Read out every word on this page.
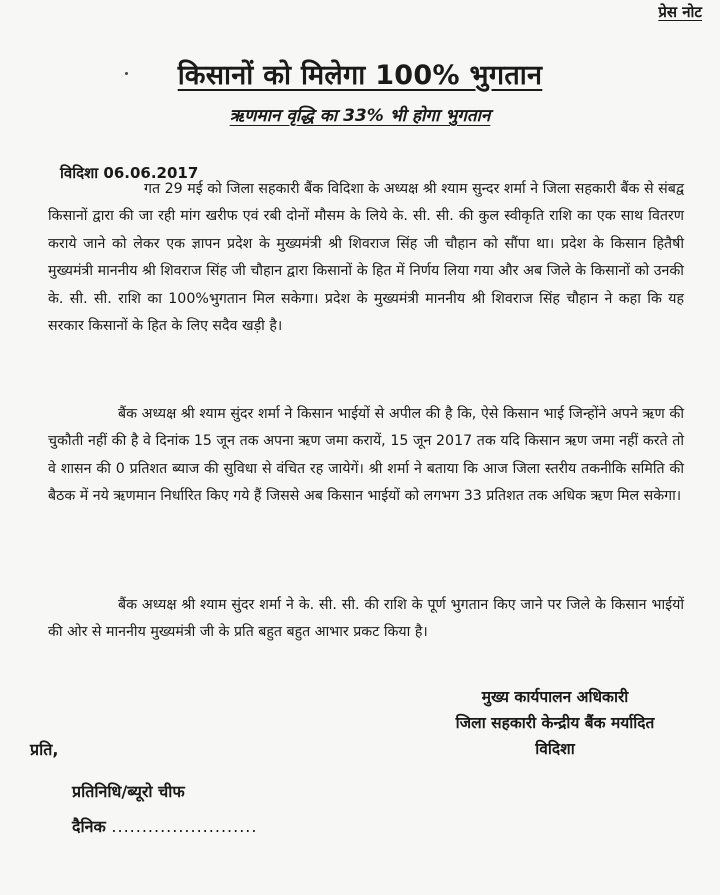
प्रेस नोट
किसानों को मिलेगा 100% भुगतान
ऋणमान वृद्धि का 33% भी होगा भुगतान
विदिशा 06.06.2017
गत 29 मई को जिला सहकारी बैंक विदिशा के अध्यक्ष श्री श्याम सुन्दर शर्मा ने जिला सहकारी बैंक से संबद्व किसानों द्वारा की जा रही मांग खरीफ एवं रबी दोनों मौसम के लिये के. सी. सी. की कुल स्वीकृति राशि का एक साथ वितरण कराये जाने को लेकर एक ज्ञापन प्रदेश के मुख्यमंत्री श्री शिवराज सिंह जी चौहान को सौंपा था। प्रदेश के किसान हितैषी मुख्यमंत्री माननीय श्री शिवराज सिंह जी चौहान द्वारा किसानों के हित में निर्णय लिया गया और अब जिले के किसानों को उनकी के. सी. सी. राशि का 100%भुगतान मिल सकेगा। प्रदेश के मुख्यमंत्री माननीय श्री शिवराज सिंह चौहान ने कहा कि यह सरकार किसानों के हित के लिए सदैव खड़ी है।
बैंक अध्यक्ष श्री श्याम सुंदर शर्मा ने किसान भाईयों से अपील की है कि, ऐसे किसान भाई जिन्होंने अपने ऋण की चुकौती नहीं की है वे दिनांक 15 जून तक अपना ऋण जमा करायें, 15 जून 2017 तक यदि किसान ऋण जमा नहीं करते तो वे शासन की 0 प्रतिशत ब्याज की सुविधा से वंचित रह जायेगें। श्री शर्मा ने बताया कि आज जिला स्तरीय तकनीकि समिति की बैठक में नये ऋणमान निर्धारित किए गये हैं जिससे अब किसान भाईयों को लगभग 33 प्रतिशत तक अधिक ऋण मिल सकेगा।
बैंक अध्यक्ष श्री श्याम सुंदर शर्मा ने के. सी. सी. की राशि के पूर्ण भुगतान किए जाने पर जिले के किसान भाईयों की ओर से माननीय मुख्यमंत्री जी के प्रति बहुत बहुत आभार प्रकट किया है।
मुख्य कार्यपालन अधिकारी
जिला सहकारी केन्द्रीय बैंक मर्यादित
विदिशा
प्रति,
प्रतिनिधि/ब्यूरो चीफ
दैनिक ........................
